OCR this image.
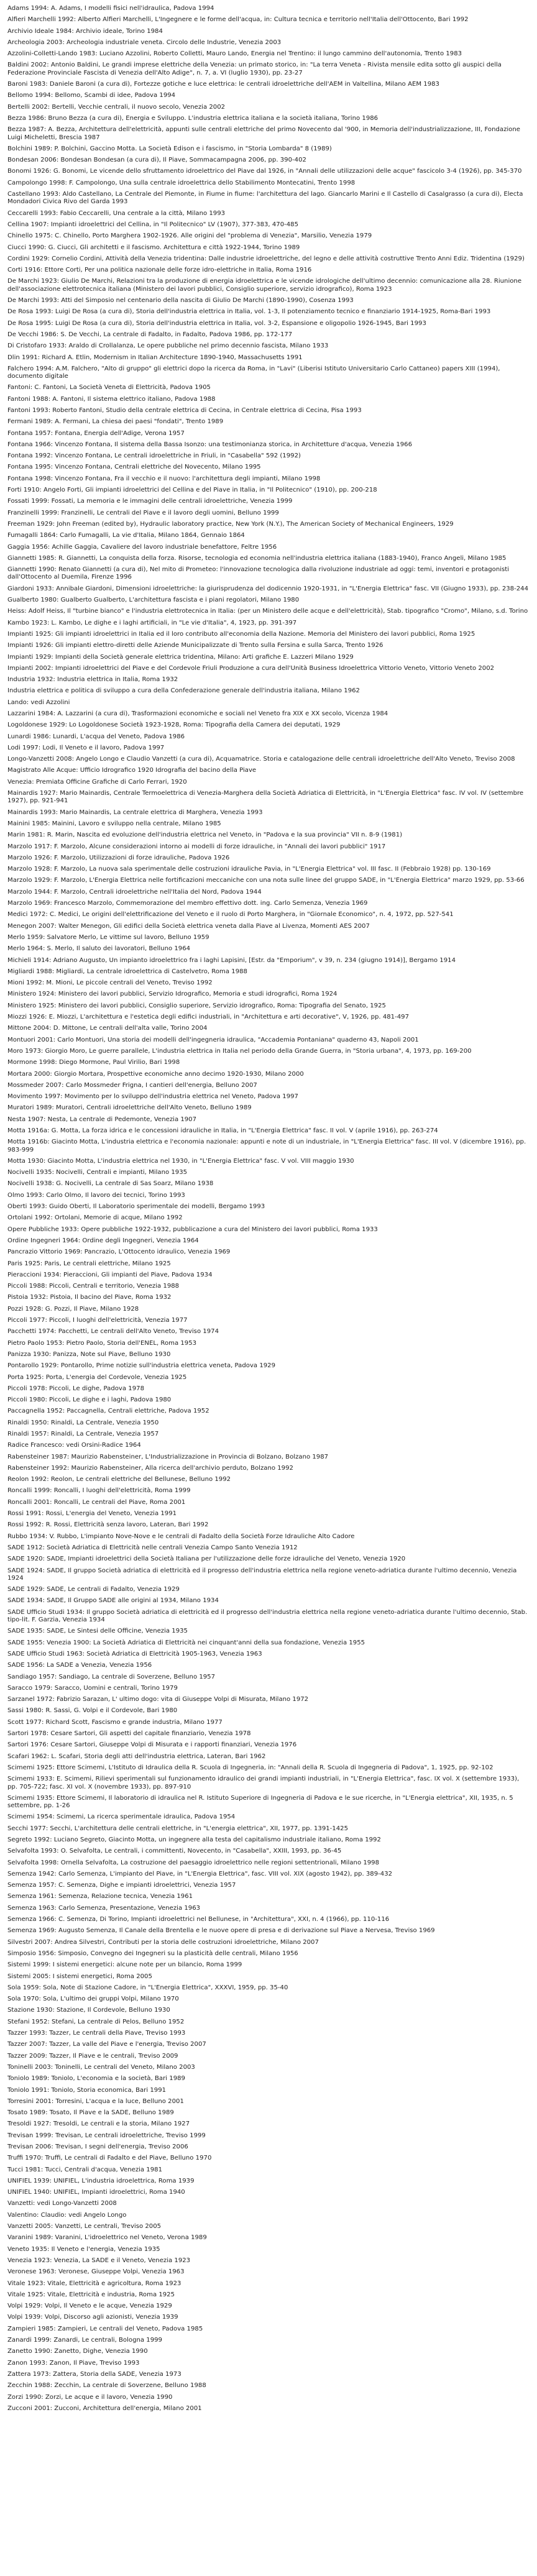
Adams 1994: A. Adams, I modelli fisici nell'idraulica, Padova 1994

Alfieri Marchelli 1992: Alberto Alfieri Marchelli, L'Ingegnere e le forme dell'acqua, in: Cultura tecnica e territorio nell'Italia dell'Ottocento, Bari 1992

Archivio Ideale 1984: Archivio ideale, Torino 1984

Archeologia 2003: Archeologia industriale veneta. Circolo delle Industrie, Venezia 2003

Azzolini-Colletti-Lando 1983: Luciano Azzolini, Roberto Colletti, Mauro Lando, Energia nel Trentino: il lungo cammino dell'autonomia, Trento 1983

Baldini 2002: Antonio Baldini, Le grandi imprese elettriche della Venezia: un primato storico, in: "La terra Veneta - Rivista mensile edita sotto gli auspici della Federazione Provinciale Fascista di Venezia dell'Alto Adige", n. 7, a. VI (luglio 1930), pp. 23-27

Baroni 1983: Daniele Baroni (a cura di), Fortezze gotiche e luce elettrica: le centrali idroelettriche dell'AEM in Valtellina, Milano AEM 1983

Bellomo 1994: Bellomo, Scambi di idee, Padova 1994

Bertelli 2002: Bertelli, Vecchie centrali, il nuovo secolo, Venezia 2002

Bezza 1986: Bruno Bezza (a cura di), Energia e Sviluppo. L'industria elettrica italiana e la società italiana, Torino 1986

Bezza 1987: A. Bezza, Architettura dell'elettricità, appunti sulle centrali elettriche del primo Novecento dal '900, in Memoria dell'industrializzazione, III, Fondazione Luigi Micheletti, Brescia 1987

Bolchini 1989: P. Bolchini, Gaccino Motta. La Società Edison e i fascismo, in "Storia Lombarda" 8 (1989)

Bondesan 2006: Bondesan Bondesan (a cura di), Il Piave, Sommacampagna 2006, pp. 390-402

Bonomi 1926: G. Bonomi, Le vicende dello sfruttamento idroelettrico del Piave dal 1926, in "Annali delle utilizzazioni delle acque" fascicolo 3-4 (1926), pp. 345-370

Campolongo 1998: F. Campolongo, Una sulla centrale idroelettrica dello Stabilimento Montecatini, Trento 1998

Castellano 1993: Aldo Castellano, La Centrale del Piemonte, in Fiume in fiume: l'architettura del lago. Giancarlo Marini e Il Castello di Casalgrasso (a cura di), Electa Mondadori Civica Rivo del Garda 1993

Ceccarelli 1993: Fabio Ceccarelli, Una centrale a la città, Milano 1993

Cellina 1907: Impianti idroelettrici del Cellina, in "Il Politecnico" LV (1907), 377-383, 470-485

Chinello 1975: C. Chinello, Porto Marghera 1902-1926. Alle origini del "problema di Venezia", Marsilio, Venezia 1979

Ciucci 1990: G. Ciucci, Gli architetti e il fascismo. Architettura e città 1922-1944, Torino 1989

Cordini 1929: Cornelio Cordini, Attività della Venezia tridentina: Dalle industrie idroelettriche, del legno e delle attività costruttive Trento Anni Ediz. Tridentina (1929)

Corti 1916: Ettore Corti, Per una politica nazionale delle forze idro-elettriche in Italia, Roma 1916

De Marchi 1923: Giulio De Marchi, Relazioni tra la produzione di energia idroelettrica e le vicende idrologiche dell'ultimo decennio: comunicazione alla 28. Riunione dell'associazione elettrotecnica italiana (Ministero dei lavori pubblici, Consiglio superiore, servizio idrografico), Roma 1923

De Marchi 1993: Atti del Simposio nel centenario della nascita di Giulio De Marchi (1890-1990), Cosenza 1993

De Rosa 1993: Luigi De Rosa (a cura di), Storia dell'industria elettrica in Italia, vol. 1-3, Il potenziamento tecnico e finanziario 1914-1925, Roma-Bari 1993

De Rosa 1995: Luigi De Rosa (a cura di), Storia dell'industria elettrica in Italia, vol. 3-2, Espansione e oligopolio 1926-1945, Bari 1993

De Vecchi 1986: S. De Vecchi, La centrale di Fadalto, in Fadalto, Padova 1986, pp. 172-177

Di Cristofaro 1933: Araldo di Crollalanza, Le opere pubbliche nel primo decennio fascista, Milano 1933

Dlin 1991: Richard A. Etlin, Modernism in Italian Architecture 1890-1940, Massachusetts 1991

Falchero 1994: A.M. Falchero, "Alto di gruppo" gli elettrici dopo la ricerca da Roma, in "Lavi" (Liberisi Istituto Universitario Carlo Cattaneo) papers XIII (1994), documento digitale

Fantoni: C. Fantoni, La Società Veneta di Elettricità, Padova 1905

Fantoni 1988: A. Fantoni, Il sistema elettrico italiano, Padova 1988

Fantoni 1993: Roberto Fantoni, Studio della centrale elettrica di Cecina, in Centrale elettrica di Cecina, Pisa 1993

Fermani 1989: A. Fermani, La chiesa dei paesi "fondati", Trento 1989

Fontana 1957: Fontana, Energia dell'Adige, Verona 1957

Fontana 1966: Vincenzo Fontana, Il sistema della Bassa Isonzo: una testimonianza storica, in Architetture d'acqua, Venezia 1966

Fontana 1992: Vincenzo Fontana, Le centrali idroelettriche in Friuli, in "Casabella" 592 (1992)

Fontana 1995: Vincenzo Fontana, Centrali elettriche del Novecento, Milano 1995

Fontana 1998: Vincenzo Fontana, Fra il vecchio e il nuovo: l'architettura degli impianti, Milano 1998

Forti 1910: Angelo Forti, Gli impianti idroelettrici del Cellina e del Piave in Italia, in "Il Politecnico" (1910), pp. 200-218

Fossati 1999: Fossati, La memoria e le immagini delle centrali idroelettriche, Venezia 1999

Franzinelli 1999: Franzinelli, Le centrali del Piave e il lavoro degli uomini, Belluno 1999

Freeman 1929: John Freeman (edited by), Hydraulic laboratory practice, New York (N.Y.), The American Society of Mechanical Engineers, 1929

Fumagalli 1864: Carlo Fumagalli, La vie d'Italia, Milano 1864, Gennaio 1864

Gaggia 1956: Achille Gaggia, Cavaliere del lavoro industriale benefattore, Feltre 1956

Giannetti 1985: R. Giannetti, La conquista della forza. Risorse, tecnologia ed economia nell'industria elettrica italiana (1883-1940), Franco Angeli, Milano 1985

Giannetti 1990: Renato Giannetti (a cura di), Nel mito di Prometeo: l'innovazione tecnologica dalla rivoluzione industriale ad oggi: temi, inventori e protagonisti dall'Ottocento al Duemila, Firenze 1996

Giardoni 1933: Annibale Giardoni, Dimensioni idroelettriche: la giurisprudenza del dodicennio 1920-1931, in "L'Energia Elettrica" fasc. VII (Giugno 1933), pp. 238-244

Gualberto 1980: Gualberto Gualberto, L'architettura fascista e i piani regolatori, Milano 1980

Heiss: Adolf Heiss, Il "turbine bianco" e l'industria elettrotecnica in Italia: (per un Ministero delle acque e dell'elettricità), Stab. tipografico "Cromo", Milano, s.d. Torino

Kambo 1923: L. Kambo, Le dighe e i laghi artificiali, in "Le vie d'Italia", 4, 1923, pp. 391-397

Impianti 1925: Gli impianti idroelettrici in Italia ed il loro contributo all'economia della Nazione. Memoria del Ministero dei lavori pubblici, Roma 1925

Impianti 1926: Gli impianti elettro-diretti delle Aziende Municipalizzate di Trento sulla Fersina e sulla Sarca, Trento 1926

Impianti 1929: Impianti della Società generale elettrica tridentina, Milano: Arti grafiche E. Lazzeri Milano 1929

Impianti 2002: Impianti idroelettrici del Piave e del Cordevole Friuli Produzione a cura dell'Unità Business Idroelettrica Vittorio Veneto, Vittorio Veneto 2002

Industria 1932: Industria elettrica in Italia, Roma 1932

Industria elettrica e politica di sviluppo a cura della Confederazione generale dell'industria italiana, Milano 1962

Lando: vedi Azzolini

Lazzarini 1984: A. Lazzarini (a cura di), Trasformazioni economiche e sociali nel Veneto fra XIX e XX secolo, Vicenza 1984

Logoldonese 1929: Lo Logoldonese Società 1923-1928, Roma: Tipografia della Camera dei deputati, 1929

Lunardi 1986: Lunardi, L'acqua del Veneto, Padova 1986

Lodi 1997: Lodi, Il Veneto e il lavoro, Padova 1997

Longo-Vanzetti 2008: Angelo Longo e Claudio Vanzetti (a cura di), Acquamatrice. Storia e catalogazione delle centrali idroelettriche dell'Alto Veneto, Treviso 2008

Magistrato Alle Acque: Ufficio Idrografico 1920 Idrografia del bacino della Piave

Venezia: Premiata Officine Grafiche di Carlo Ferrari, 1920

Mainardis 1927: Mario Mainardis, Centrale Termoelettrica di Venezia-Marghera della Società Adriatica di Elettricità, in "L'Energia Elettrica" fasc. IV vol. IV (settembre 1927), pp. 921-941

Mainardis 1993: Mario Mainardis, La centrale elettrica di Marghera, Venezia 1993

Mainini 1985: Mainini, Lavoro e sviluppo nella centrale, Milano 1985

Marin 1981: R. Marin, Nascita ed evoluzione dell'industria elettrica nel Veneto, in "Padova e la sua provincia" VII n. 8-9 (1981)

Marzolo 1917: F. Marzolo, Alcune considerazioni intorno ai modelli di forze idrauliche, in "Annali dei lavori pubblici" 1917

Marzolo 1926: F. Marzolo, Utilizzazioni di forze idrauliche, Padova 1926

Marzolo 1928: F. Marzolo, La nuova sala sperimentale delle costruzioni idrauliche Pavia, in "L'Energia Elettrica" vol. III fasc. II (Febbraio 1928) pp. 130-169

Marzolo 1929: F. Marzolo, L'Energia Elettrica nelle fortificazioni meccaniche con una nota sulle linee del gruppo SADE, in "L'Energia Elettrica" marzo 1929, pp. 53-66

Marzolo 1944: F. Marzolo, Centrali idroelettriche nell'Italia del Nord, Padova 1944

Marzolo 1969: Francesco Marzolo, Commemorazione del membro effettivo dott. ing. Carlo Semenza, Venezia 1969

Medici 1972: C. Medici, Le origini dell'elettrificazione del Veneto e il ruolo di Porto Marghera, in "Giornale Economico", n. 4, 1972, pp. 527-541

Menegon 2007: Walter Menegon, Gli edifici della Società elettrica veneta dalla Piave al Livenza, Momenti AES 2007

Merlo 1959: Salvatore Merlo, Le vittime sul lavoro, Belluno 1959

Merlo 1964: S. Merlo, Il saluto dei lavoratori, Belluno 1964

Michieli 1914: Adriano Augusto, Un impianto idroelettrico fra i laghi Lapisini, [Estr. da "Emporium", v 39, n. 234 (giugno 1914)], Bergamo 1914

Migliardi 1988: Migliardi, La centrale idroelettrica di Castelvetro, Roma 1988

Mioni 1992: M. Mioni, Le piccole centrali del Veneto, Treviso 1992

Ministero 1924: Ministero dei lavori pubblici, Servizio Idrografico, Memoria e studi idrografici, Roma 1924

Ministero 1925: Ministero dei lavori pubblici, Consiglio superiore, Servizio idrografico, Roma: Tipografia del Senato, 1925

Miozzi 1926: E. Miozzi, L'architettura e l'estetica degli edifici industriali, in "Architettura e arti decorative", V, 1926, pp. 481-497

Mittone 2004: D. Mittone, Le centrali dell'alta valle, Torino 2004

Montuori 2001: Carlo Montuori, Una storia dei modelli dell'ingegneria idraulica, "Accademia Pontaniana" quaderno 43, Napoli 2001

Moro 1973: Giorgio Moro, Le guerre parallele, L'industria elettrica in Italia nel periodo della Grande Guerra, in "Storia urbana", 4, 1973, pp. 169-200

Mormone 1998: Diego Mormone, Paul Virilio, Bari 1998

Mortara 2000: Giorgio Mortara, Prospettive economiche anno decimo 1920-1930, Milano 2000

Mossmeder 2007: Carlo Mossmeder Frigna, I cantieri dell'energia, Belluno 2007

Movimento 1997: Movimento per lo sviluppo dell'industria elettrica nel Veneto, Padova 1997

Muratori 1989: Muratori, Centrali idroelettriche dell'Alto Veneto, Belluno 1989

Nesta 1907: Nesta, La centrale di Pedemonte, Venezia 1907

Motta 1916a: G. Motta, La forza idrica e le concessioni idrauliche in Italia, in "L'Energia Elettrica" fasc. II vol. V (aprile 1916), pp. 263-274

Motta 1916b: Giacinto Motta, L'industria elettrica e l'economia nazionale: appunti e note di un industriale, in "L'Energia Elettrica" fasc. III vol. V (dicembre 1916), pp. 983-999

Motta 1930: Giacinto Motta, L'industria elettrica nel 1930, in "L'Energia Elettrica" fasc. V vol. VIII maggio 1930

Nocivelli 1935: Nocivelli, Centrali e impianti, Milano 1935

Nocivelli 1938: G. Nocivelli, La centrale di Sas Soarz, Milano 1938

Olmo 1993: Carlo Olmo, Il lavoro dei tecnici, Torino 1993

Oberti 1993: Guido Oberti, Il Laboratorio sperimentale dei modelli, Bergamo 1993

Ortolani 1992: Ortolani, Memorie di acque, Milano 1992

Opere Pubbliche 1933: Opere pubbliche 1922-1932, pubblicazione a cura del Ministero dei lavori pubblici, Roma 1933

Ordine Ingegneri 1964: Ordine degli Ingegneri, Venezia 1964

Pancrazio Vittorio 1969: Pancrazio, L'Ottocento idraulico, Venezia 1969

Paris 1925: Paris, Le centrali elettriche, Milano 1925

Pieraccioni 1934: Pieraccioni, Gli impianti del Piave, Padova 1934

Piccoli 1988: Piccoli, Centrali e territorio, Venezia 1988

Pistoia 1932: Pistoia, Il bacino del Piave, Roma 1932

Pozzi 1928: G. Pozzi, Il Piave, Milano 1928

Piccoli 1977: Piccoli, I luoghi dell'elettricità, Venezia 1977

Pacchetti 1974: Pacchetti, Le centrali dell'Alto Veneto, Treviso 1974

Pietro Paolo 1953: Pietro Paolo, Storia dell'ENEL, Roma 1953

Panizza 1930: Panizza, Note sul Piave, Belluno 1930

Pontarollo 1929: Pontarollo, Prime notizie sull'industria elettrica veneta, Padova 1929

Porta 1925: Porta, L'energia del Cordevole, Venezia 1925

Piccoli 1978: Piccoli, Le dighe, Padova 1978

Piccoli 1980: Piccoli, Le dighe e i laghi, Padova 1980

Paccagnella 1952: Paccagnella, Centrali elettriche, Padova 1952

Rinaldi 1950: Rinaldi, La Centrale, Venezia 1950

Rinaldi 1957: Rinaldi, La Centrale, Venezia 1957

Radice Francesco: vedi Orsini-Radice 1964

Rabensteiner 1987: Maurizio Rabensteiner, L'Industrializzazione in Provincia di Bolzano, Bolzano 1987

Rabensteiner 1992: Maurizio Rabensteiner, Alla ricerca dell'archivio perduto, Bolzano 1992

Reolon 1992: Reolon, Le centrali elettriche del Bellunese, Belluno 1992

Roncalli 1999: Roncalli, I luoghi dell'elettricità, Roma 1999

Roncalli 2001: Roncalli, Le centrali del Piave, Roma 2001

Rossi 1991: Rossi, L'energia del Veneto, Venezia 1991

Rossi 1992: R. Rossi, Elettricità senza lavoro, Lateran, Bari 1992

Rubbo 1934: V. Rubbo, L'impianto Nove-Nove e le centrali di Fadalto della Società Forze Idrauliche Alto Cadore

SADE 1912: Società Adriatica di Elettricità nelle centrali Venezia Campo Santo Venezia 1912

SADE 1920: SADE, Impianti idroelettrici della Società Italiana per l'utilizzazione delle forze idrauliche del Veneto, Venezia 1920

SADE 1924: SADE, Il gruppo Società adriatica di elettricità ed il progresso dell'industria elettrica nella regione veneto-adriatica durante l'ultimo decennio, Venezia 1924

SADE 1929: SADE, Le centrali di Fadalto, Venezia 1929

SADE 1934: SADE, Il Gruppo SADE alle origini al 1934, Milano 1934

SADE Ufficio Studi 1934: Il gruppo Società adriatica di elettricità ed il progresso dell'industria elettrica nella regione veneto-adriatica durante l'ultimo decennio, Stab. tipo-lit. F. Garzia, Venezia 1934

SADE 1935: SADE, Le Sintesi delle Officine, Venezia 1935

SADE 1955: Venezia 1900: La Società Adriatica di Elettricità nei cinquant'anni della sua fondazione, Venezia 1955

SADE Ufficio Studi 1963: Società Adriatica di Elettricità 1905-1963, Venezia 1963

SADE 1956: La SADE a Venezia, Venezia 1956

Sandiago 1957: Sandiago, La centrale di Soverzene, Belluno 1957

Saracco 1979: Saracco, Uomini e centrali, Torino 1979

Sarzanel 1972: Fabrizio Sarazan, L' ultimo dogo: vita di Giuseppe Volpi di Misurata, Milano 1972

Sassi 1980: R. Sassi, G. Volpi e il Cordevole, Bari 1980

Scott 1977: Richard Scott, Fascismo e grande industria, Milano 1977

Sartori 1978: Cesare Sartori, Gli aspetti del capitale finanziario, Venezia 1978

Sartori 1976: Cesare Sartori, Giuseppe Volpi di Misurata e i rapporti finanziari, Venezia 1976

Scafari 1962: L. Scafari, Storia degli atti dell'industria elettrica, Lateran, Bari 1962

Scimemi 1925: Ettore Scimemi, L'Istituto di Idraulica della R. Scuola di Ingegneria, in: "Annali della R. Scuola di Ingegneria di Padova", 1, 1925, pp. 92-102

Scimemi 1933: E. Scimemi, Rilievi sperimentali sul funzionamento idraulico dei grandi impianti industriali, in "L'Energia Elettrica", fasc. IX vol. X (settembre 1933), pp. 705-722; fasc. XI vol. X (novembre 1933), pp. 897-910

Scimemi 1935: Ettore Scimemi, Il laboratorio di idraulica nel R. Istituto Superiore di Ingegneria di Padova e le sue ricerche, in "L'Energia elettrica", XII, 1935, n. 5 settembre, pp. 1-26

Scimemi 1954: Scimemi, La ricerca sperimentale idraulica, Padova 1954

Secchi 1977: Secchi, L'architettura delle centrali elettriche, in "L'energia elettrica", XII, 1977, pp. 1391-1425

Segreto 1992: Luciano Segreto, Giacinto Motta, un ingegnere alla testa del capitalismo industriale italiano, Roma 1992

Selvafolta 1993: O. Selvafolta, Le centrali, i committenti, Novecento, in "Casabella", XXIII, 1993, pp. 36-45

Selvafolta 1998: Ornella Selvafolta, La costruzione del paesaggio idroelettrico nelle regioni settentrionali, Milano 1998

Semenza 1942: Carlo Semenza, L'impianto del Piave, in "L'Energia Elettrica", fasc. VIII vol. XIX (agosto 1942), pp. 389-432

Semenza 1957: C. Semenza, Dighe e impianti idroelettrici, Venezia 1957

Semenza 1961: Semenza, Relazione tecnica, Venezia 1961

Semenza 1963: Carlo Semenza, Presentazione, Venezia 1963

Semenza 1966: C. Semenza, Di Torino, Impianti idroelettrici nel Bellunese, in "Architettura", XXI, n. 4 (1966), pp. 110-116

Semenza 1969: Augusto Semenza, Il Canale della Brentella e le nuove opere di presa e di derivazione sul Piave a Nervesa, Treviso 1969

Silvestri 2007: Andrea Silvestri, Contributi per la storia delle costruzioni idroelettriche, Milano 2007

Simposio 1956: Simposio, Convegno dei Ingegneri su la plasticità delle centrali, Milano 1956

Sistemi 1999: I sistemi energetici: alcune note per un bilancio, Roma 1999

Sistemi 2005: I sistemi energetici, Roma 2005

Sola 1959: Sola, Note di Stazione Cadore, in "L'Energia Elettrica", XXXVI, 1959, pp. 35-40

Sola 1970: Sola, L'ultimo dei gruppi Volpi, Milano 1970

Stazione 1930: Stazione, Il Cordevole, Belluno 1930

Stefani 1952: Stefani, La centrale di Pelos, Belluno 1952

Tazzer 1993: Tazzer, Le centrali della Piave, Treviso 1993

Tazzer 2007: Tazzer, La valle del Piave e l'energia, Treviso 2007

Tazzer 2009: Tazzer, Il Piave e le centrali, Treviso 2009

Toninelli 2003: Toninelli, Le centrali del Veneto, Milano 2003

Toniolo 1989: Toniolo, L'economia e la società, Bari 1989

Toniolo 1991: Toniolo, Storia economica, Bari 1991

Torresini 2001: Torresini, L'acqua e la luce, Belluno 2001

Tosato 1989: Tosato, Il Piave e la SADE, Belluno 1989

Tresoldi 1927: Tresoldi, Le centrali e la storia, Milano 1927

Trevisan 1999: Trevisan, Le centrali idroelettriche, Treviso 1999

Trevisan 2006: Trevisan, I segni dell'energia, Treviso 2006

Truffi 1970: Truffi, Le centrali di Fadalto e del Piave, Belluno 1970

Tucci 1981: Tucci, Centrali d'acqua, Venezia 1981

UNIFIEL 1939: UNIFIEL, L'industria idroelettrica, Roma 1939

UNIFIEL 1940: UNIFIEL, Impianti idroelettrici, Roma 1940

Vanzetti: vedi Longo-Vanzetti 2008

Valentino: Claudio: vedi Angelo Longo

Vanzetti 2005: Vanzetti, Le centrali, Treviso 2005

Varanini 1989: Varanini, L'idroelettrico nel Veneto, Verona 1989

Veneto 1935: Il Veneto e l'energia, Venezia 1935

Venezia 1923: Venezia, La SADE e il Veneto, Venezia 1923

Veronese 1963: Veronese, Giuseppe Volpi, Venezia 1963

Vitale 1923: Vitale, Elettricità e agricoltura, Roma 1923

Vitale 1925: Vitale, Elettricità e industria, Roma 1925

Volpi 1929: Volpi, Il Veneto e le acque, Venezia 1929

Volpi 1939: Volpi, Discorso agli azionisti, Venezia 1939

Zampieri 1985: Zampieri, Le centrali del Veneto, Padova 1985

Zanardi 1999: Zanardi, Le centrali, Bologna 1999

Zanetto 1990: Zanetto, Dighe, Venezia 1990

Zanon 1993: Zanon, Il Piave, Treviso 1993

Zattera 1973: Zattera, Storia della SADE, Venezia 1973

Zecchin 1988: Zecchin, La centrale di Soverzene, Belluno 1988

Zorzi 1990: Zorzi, Le acque e il lavoro, Venezia 1990

Zucconi 2001: Zucconi, Architettura dell'energia, Milano 2001
